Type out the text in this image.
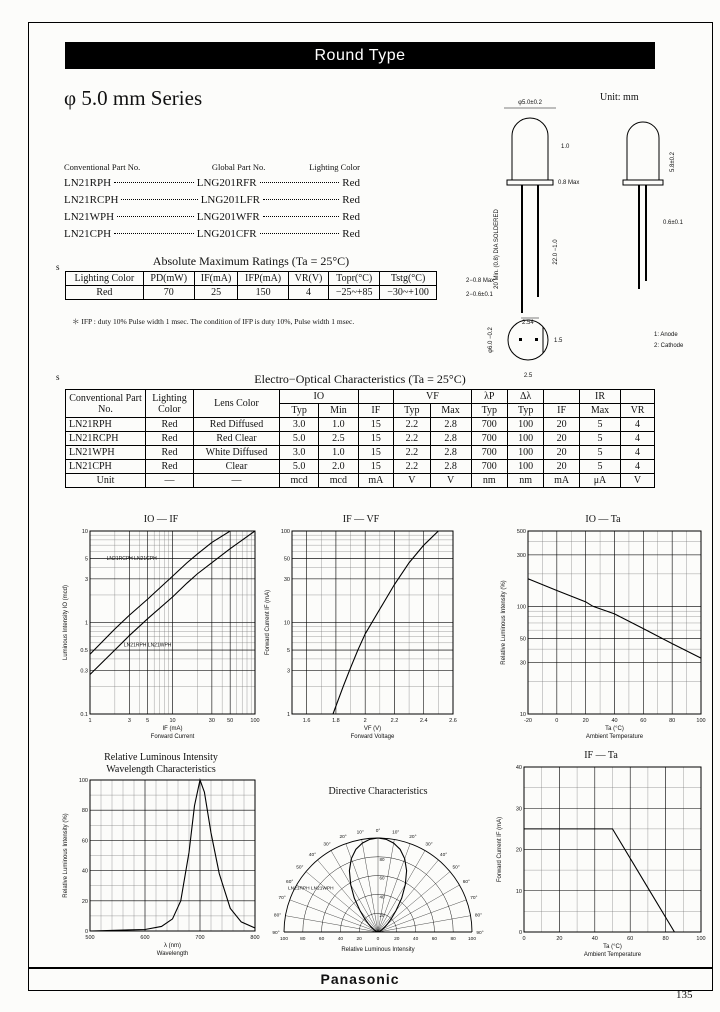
Round Type
φ 5.0 mm Series	Unit: mm
φ5.0±0.2
1.0
0.8 Max
20 Min. (0.8) DIA SOLDERED	22.0 −1.0
2−0.8 Max
2−0.6±0.1
2.54
5.8±0.2
0.6±0.1
φ6.0 −0.2
2.5
1.5
1: Anode
2: Cathode
Conventional Part No.	Global Part No.	Lighting Color
LN21RPH	LNG201RFR	Red
LN21RCPH	LNG201LFR	Red
LN21WPH	LNG201WFR	Red
LN21CPH	LNG201CFR	Red
s	Absolute Maximum Ratings (Ta = 25°C)
Lighting Color	PD(mW)	IF(mA)	IFP(mA)	VR(V)	Topr(°C)	Tstg(°C)
Red	70	25	150	4	−25~+85	−30~+100
＊ IFP : duty 10% Pulse width 1 msec. The condition of IFP is duty 10%, Pulse width 1 msec.
s	Electro−Optical Characteristics (Ta = 25°C)
Conventional Part No.	Lighting Color	Lens Color	IO			VF		λP	Δλ		IR	
			Typ	Min	IF	Typ	Max	Typ	Typ	IF	Max	VR
LN21RPH	Red	Red Diffused	3.0	1.0	15	2.2	2.8	700	100	20	5	4
LN21RCPH	Red	Red Clear	5.0	2.5	15	2.2	2.8	700	100	20	5	4
LN21WPH	Red	White Diffused	3.0	1.0	15	2.2	2.8	700	100	20	5	4
LN21CPH	Red	Clear	5.0	2.0	15	2.2	2.8	700	100	20	5	4
Unit	—	—	mcd	mcd	mA	V	V	nm	nm	mA	μA	V
IO — IF
1	3	5	10	30 50	100
0.1
0.3
0.5
1
3
5
10
LN21RCPH LN21CPH
LN21RPH LN21WPH
IF (mA)
Forward Current
Luminous Intensity IO (mcd)
IF — VF
1.6	1.8	2	2.2	2.4	2.6
1
3
5
10
30
50
100
VF (V)
Forward Voltage
Forward Current IF (mA)
IO — Ta
-20	0	20	40	60	80	100
10
30
50
100
300
500
Ta (°C)
Ambient Temperature
Relative Luminous Intensity (%)
Relative Luminous Intensity Wavelength Characteristics
500	600	700	800
0
20
40
60
80
100
λ (nm)
Wavelength
Relative Luminous Intensity (%)
Directive Characteristics
0°
10°	10°
20°	20°
30°	30°
40°	40°
50°	50°
60°	60°
70°	70°
80°	80°
90°	90°
20
40
60
80
100	80	60	40	20	0	20	40	60	80	100
LN21RPH LN21WPH
Relative Luminous Intensity
IF — Ta
0	20	40	60	80	100
0
10
20
30
40
Ta (°C)
Ambient Temperature
Forward Current IF (mA)
Panasonic
135
